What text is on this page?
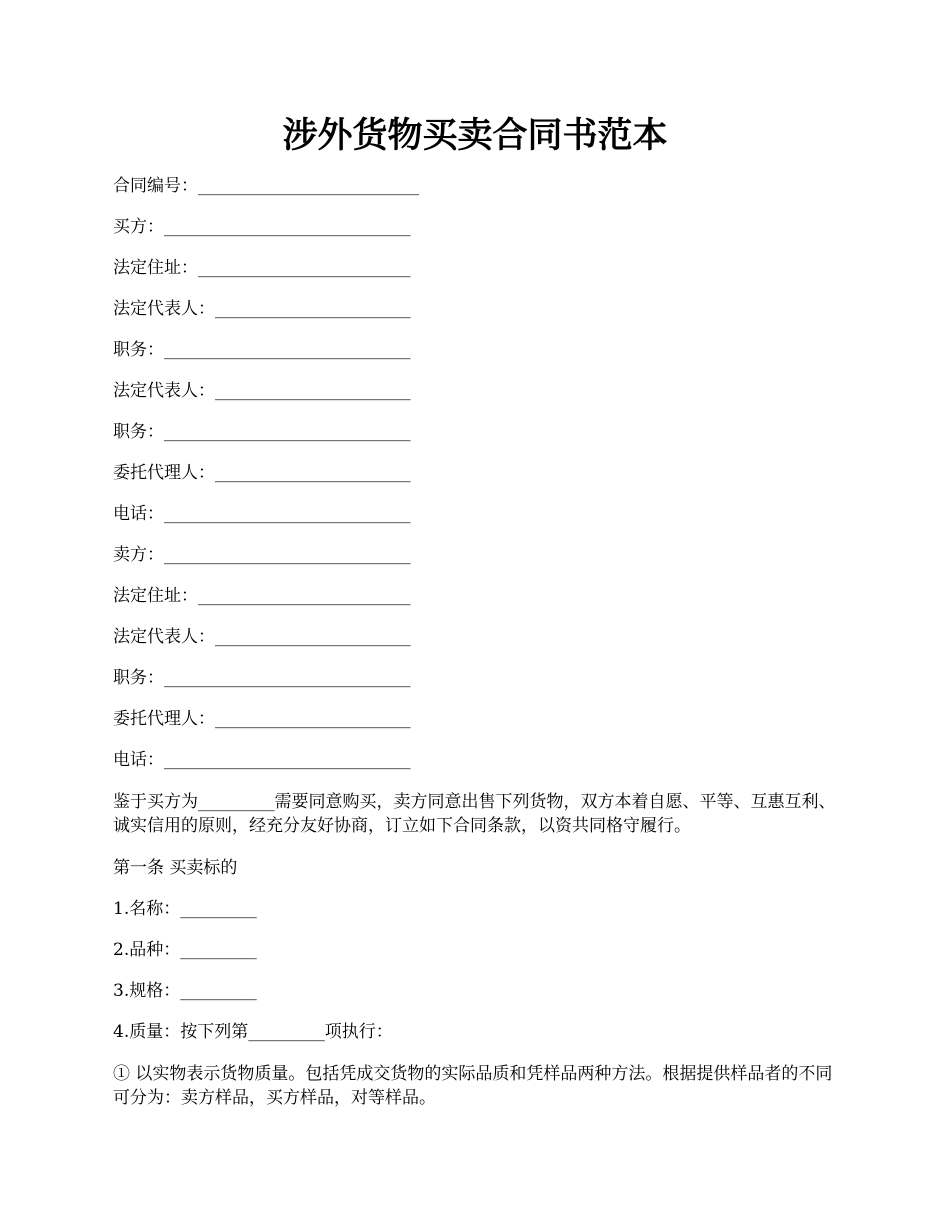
涉外货物买卖合同书范本

合同编号：__________________________

买方：_____________________________

法定住址：_________________________

法定代表人：_______________________

职务：_____________________________

法定代表人：_______________________

职务：_____________________________

委托代理人：_______________________

电话：_____________________________

卖方：_____________________________

法定住址：_________________________

法定代表人：_______________________

职务：_____________________________

委托代理人：_______________________

电话：_____________________________

鉴于买方为_________需要同意购买，卖方同意出售下列货物，双方本着自愿、平等、互惠互利、诚实信用的原则，经充分友好协商，订立如下合同条款，以资共同格守履行。

第一条 买卖标的

1.名称：_________

2.品种：_________

3.规格：_________

4.质量：按下列第_________项执行：

① 以实物表示货物质量。包括凭成交货物的实际品质和凭样品两种方法。根据提供样品者的不同可分为：卖方样品，买方样品，对等样品。
